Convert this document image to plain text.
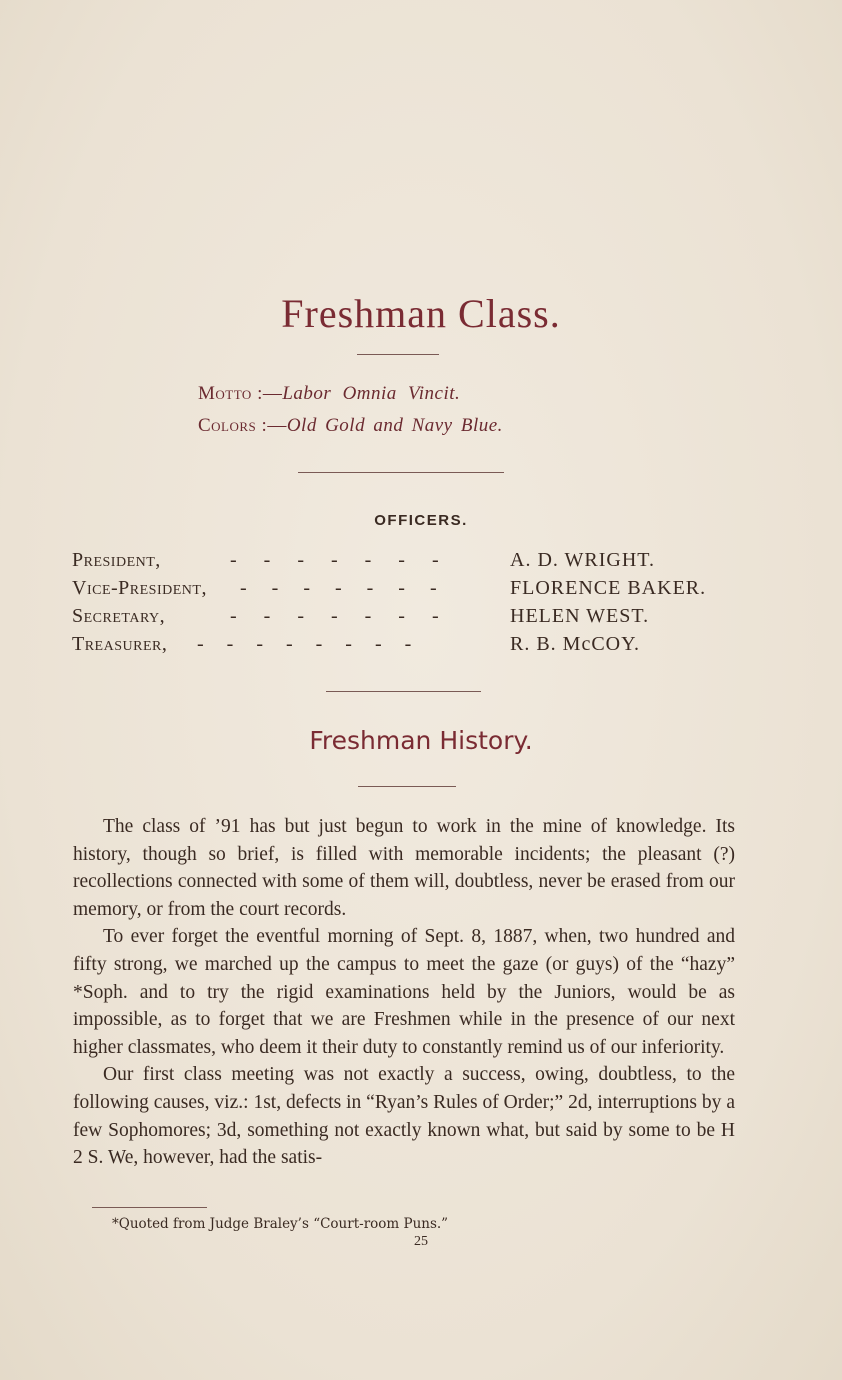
Freshman Class.
Motto :—Labor Omnia Vincit.
Colors :—Old Gold and Navy Blue.
OFFICERS.
President,	- - - - - - -	A. D. WRIGHT.
Vice-President, - - - - - - -	FLORENCE BAKER.
Secretary,	- - - - - - -	HELEN WEST.
Treasurer, - - - - - - - -	R. B. McCOY.
Freshman History.

The class of ’91 has but just begun to work in the mine of knowledge. Its history, though so brief, is filled with memorable incidents; the pleasant (?) recollections connected with some of them will, doubtless, never be erased from our memory, or from the court records.

To ever forget the eventful morning of Sept. 8, 1887, when, two hundred and fifty strong, we marched up the campus to meet the gaze (or guys) of the “hazy” *Soph. and to try the rigid examinations held by the Juniors, would be as impossible, as to forget that we are Freshmen while in the presence of our next higher classmates, who deem it their duty to constantly remind us of our inferiority.

Our first class meeting was not exactly a success, owing, doubtless, to the following causes, viz.: 1st, defects in “Ryan’s Rules of Order;” 2d, interruptions by a few Sophomores; 3d, something not exactly known what, but said by some to be H 2 S. We, however, had the satis-

*Quoted from Judge Braley’s “Court-room Puns.”
25
